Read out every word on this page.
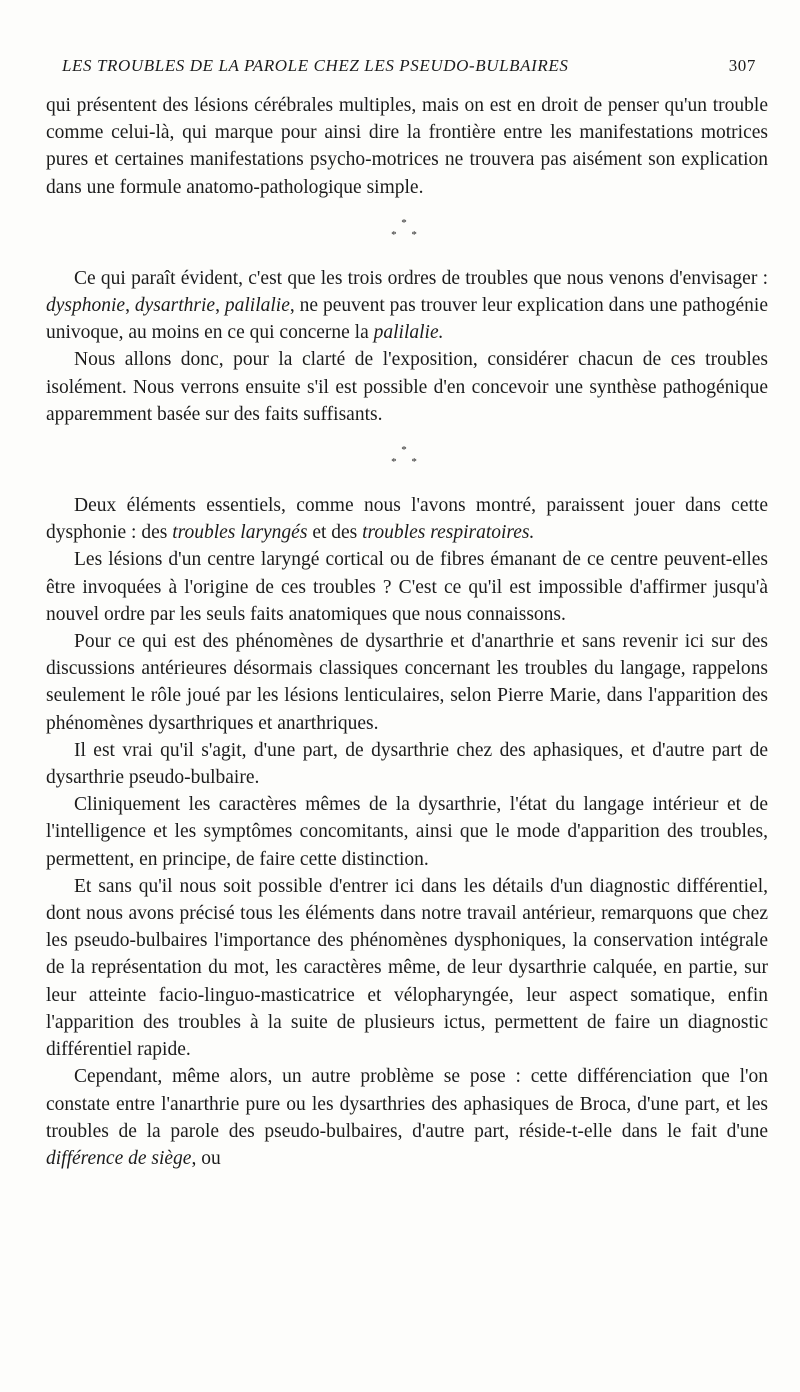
LES TROUBLES DE LA PAROLE CHEZ LES PSEUDO-BULBAIRES	307

qui présentent des lésions cérébrales multiples, mais on est en droit de penser qu'un trouble comme celui-là, qui marque pour ainsi dire la frontière entre les manifestations motrices pures et certaines manifestations psycho-motrices ne trouvera pas aisément son explication dans une formule anatomo-pathologique simple.

*
* *

Ce qui paraît évident, c'est que les trois ordres de troubles que nous venons d'envisager : dysphonie, dysarthrie, palilalie, ne peuvent pas trouver leur explication dans une pathogénie univoque, au moins en ce qui concerne la palilalie.

Nous allons donc, pour la clarté de l'exposition, considérer chacun de ces troubles isolément. Nous verrons ensuite s'il est possible d'en concevoir une synthèse pathogénique apparemment basée sur des faits suffisants.

*
* *

Deux éléments essentiels, comme nous l'avons montré, paraissent jouer dans cette dysphonie : des troubles laryngés et des troubles respiratoires.

Les lésions d'un centre laryngé cortical ou de fibres émanant de ce centre peuvent-elles être invoquées à l'origine de ces troubles ? C'est ce qu'il est impossible d'affirmer jusqu'à nouvel ordre par les seuls faits anatomiques que nous connaissons.

Pour ce qui est des phénomènes de dysarthrie et d'anarthrie et sans revenir ici sur des discussions antérieures désormais classiques concernant les troubles du langage, rappelons seulement le rôle joué par les lésions lenticulaires, selon Pierre Marie, dans l'apparition des phénomènes dysarthriques et anarthriques.

Il est vrai qu'il s'agit, d'une part, de dysarthrie chez des aphasiques, et d'autre part de dysarthrie pseudo-bulbaire.

Cliniquement les caractères mêmes de la dysarthrie, l'état du langage intérieur et de l'intelligence et les symptômes concomitants, ainsi que le mode d'apparition des troubles, permettent, en principe, de faire cette distinction.

Et sans qu'il nous soit possible d'entrer ici dans les détails d'un diagnostic différentiel, dont nous avons précisé tous les éléments dans notre travail antérieur, remarquons que chez les pseudo-bulbaires l'importance des phénomènes dysphoniques, la conservation intégrale de la représentation du mot, les caractères même, de leur dysarthrie calquée, en partie, sur leur atteinte facio-linguo-masticatrice et vélopharyngée, leur aspect somatique, enfin l'apparition des troubles à la suite de plusieurs ictus, permettent de faire un diagnostic différentiel rapide.

Cependant, même alors, un autre problème se pose : cette différenciation que l'on constate entre l'anarthrie pure ou les dysarthries des aphasiques de Broca, d'une part, et les troubles de la parole des pseudo-bulbaires, d'autre part, réside-t-elle dans le fait d'une différence de siège, ou
